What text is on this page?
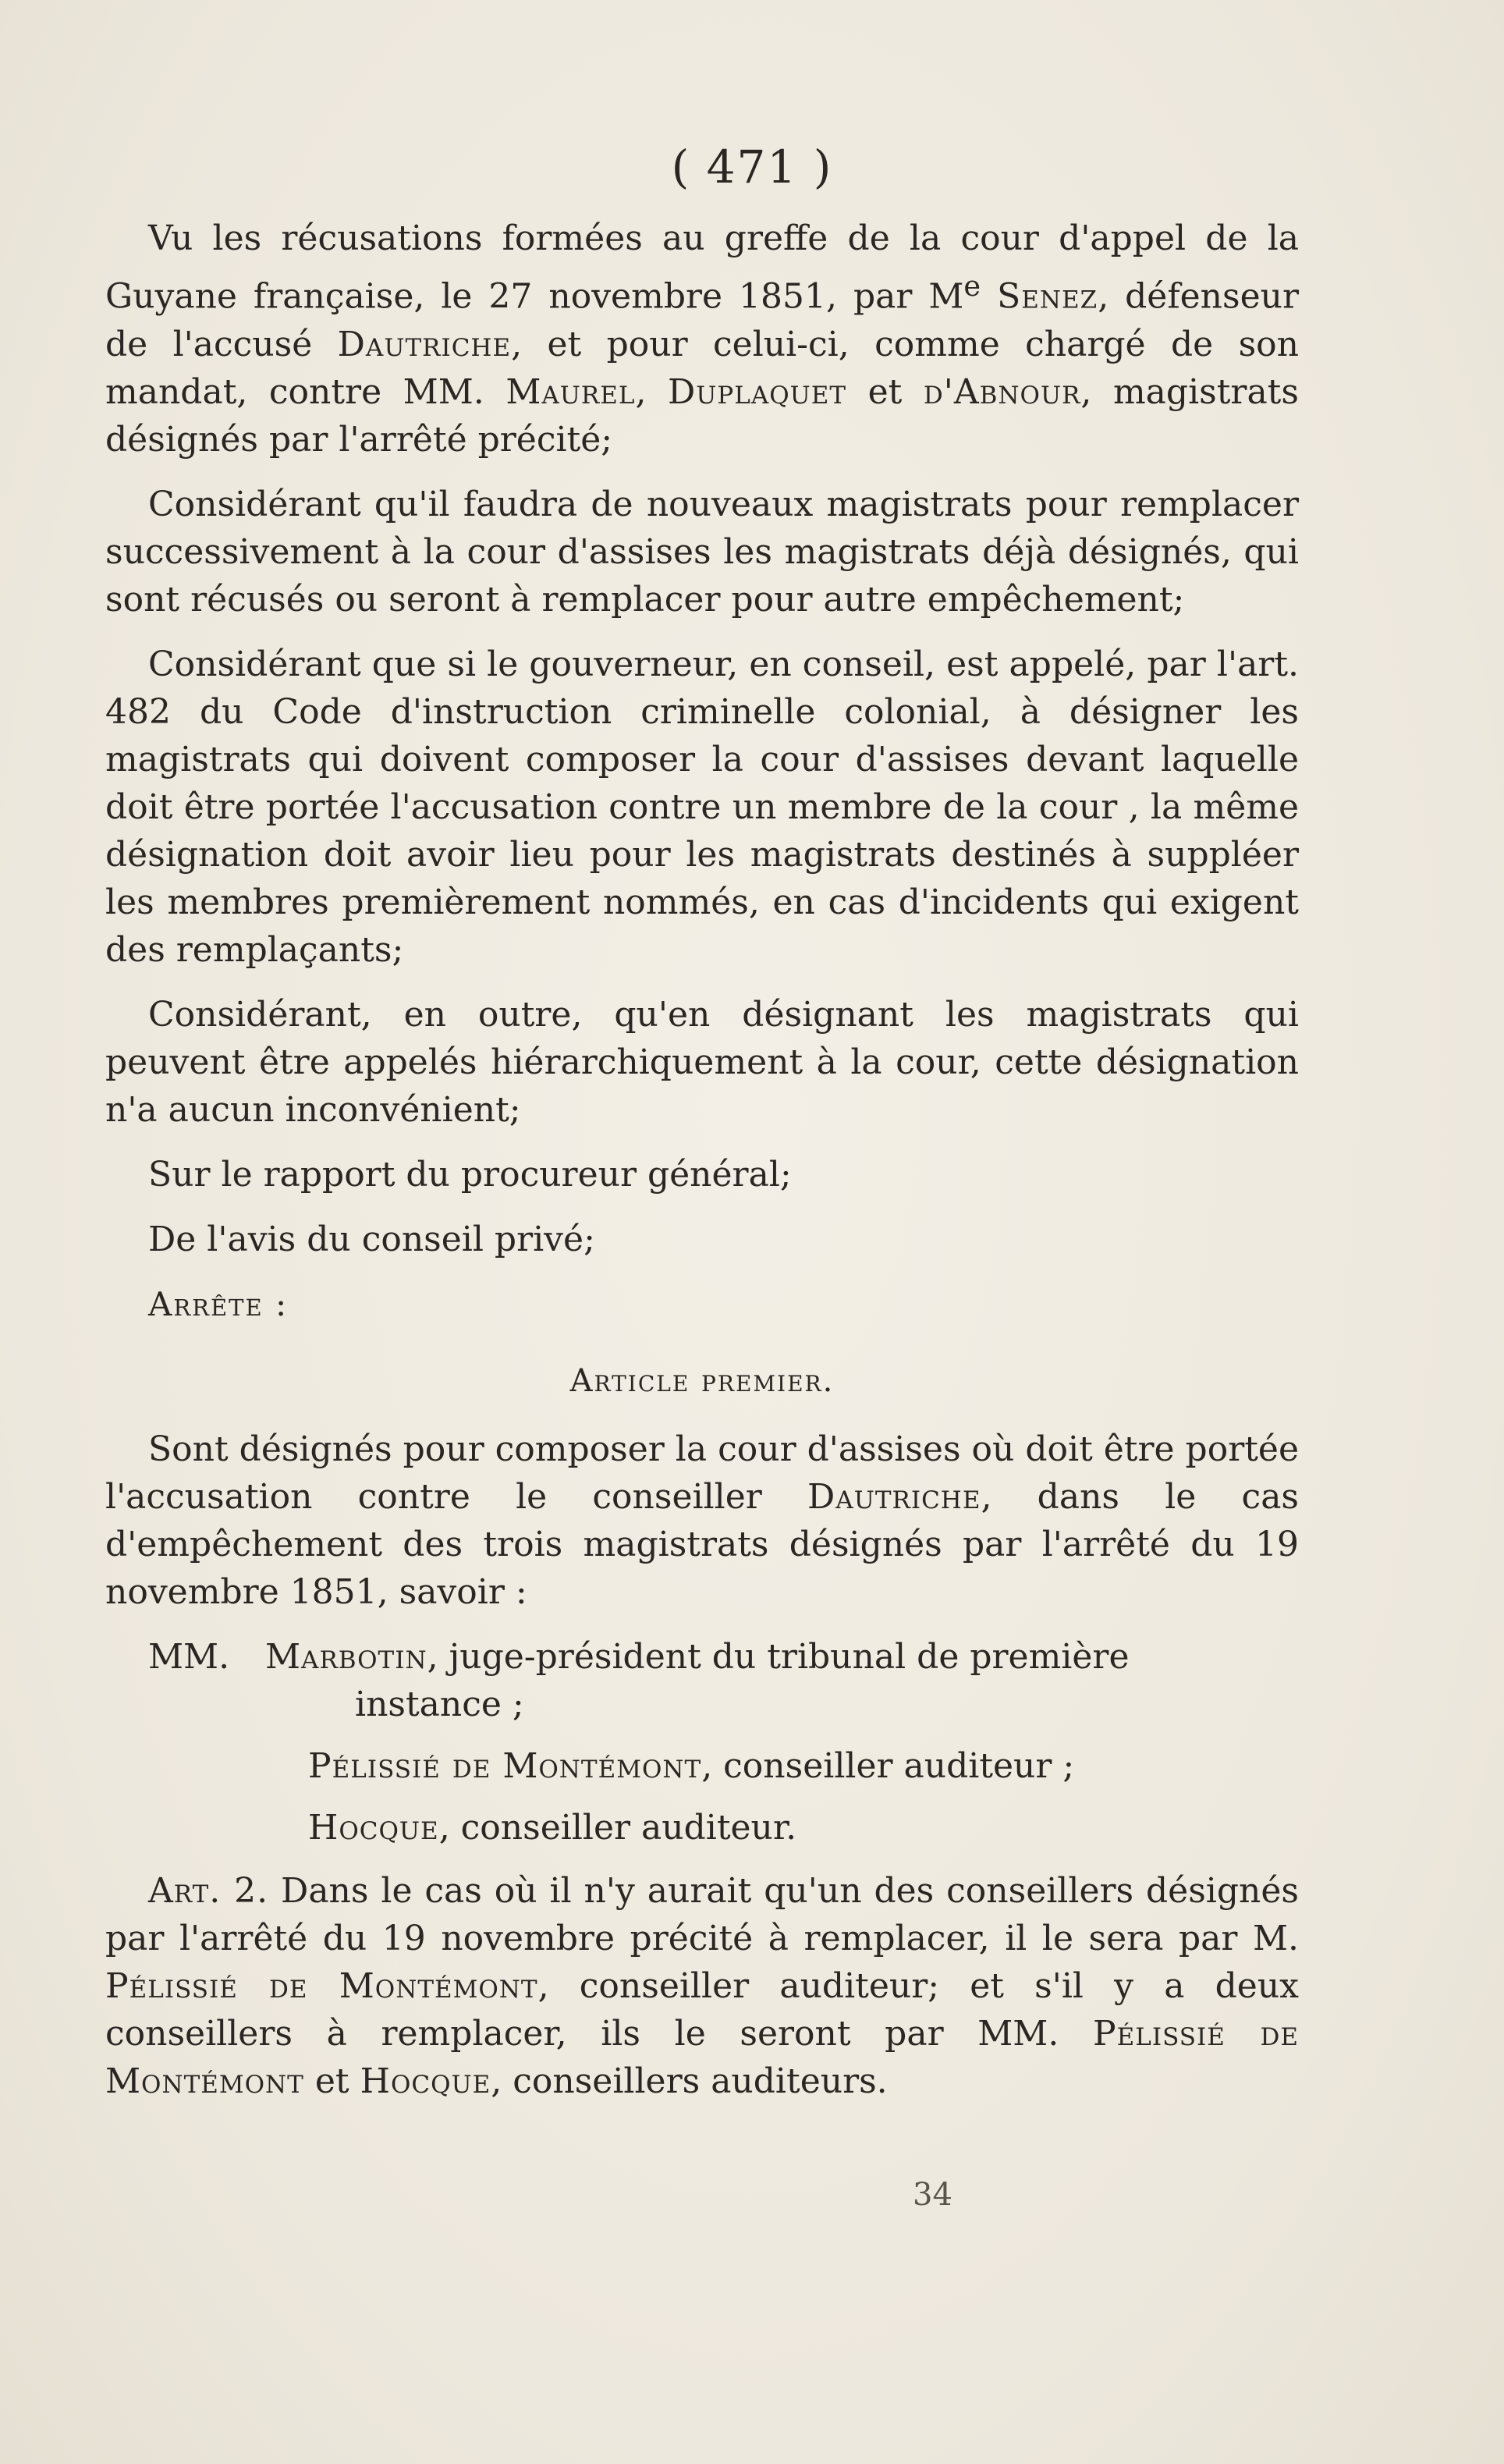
( 471 )

Vu les récusations formées au greffe de la cour d'appel de la Guyane française, le 27 novembre 1851, par Me Senez, défenseur de l'accusé Dautriche, et pour celui-ci, comme chargé de son mandat, contre MM. Maurel, Duplaquet et d'Abnour, magistrats désignés par l'arrêté précité;

Considérant qu'il faudra de nouveaux magistrats pour remplacer successivement à la cour d'assises les magistrats déjà désignés, qui sont récusés ou seront à remplacer pour autre empêchement;

Considérant que si le gouverneur, en conseil, est appelé, par l'art. 482 du Code d'instruction criminelle colonial, à désigner les magistrats qui doivent composer la cour d'assises devant laquelle doit être portée l'accusation contre un membre de la cour , la même désignation doit avoir lieu pour les magistrats destinés à suppléer les membres premièrement nommés, en cas d'incidents qui exigent des remplaçants;

Considérant, en outre, qu'en désignant les magistrats qui peuvent être appelés hiérarchiquement à la cour, cette désignation n'a aucun inconvénient;

Sur le rapport du procureur général;

De l'avis du conseil privé;

Arrête :
Article premier.

Sont désignés pour composer la cour d'assises où doit être portée l'accusation contre le conseiller Dautriche, dans le cas d'empêchement des trois magistrats désignés par l'arrêté du 19 novembre 1851, savoir :

MM.	Marbotin, juge-président du tribunal de première
instance ;
Pélissié de Montémont, conseiller auditeur ;
Hocque, conseiller auditeur.

Art. 2. Dans le cas où il n'y aurait qu'un des conseillers désignés par l'arrêté du 19 novembre précité à remplacer, il le sera par M. Pélissié de Montémont, conseiller auditeur; et s'il y a deux conseillers à remplacer, ils le seront par MM. Pélissié de Montémont et Hocque, conseillers auditeurs.

34
